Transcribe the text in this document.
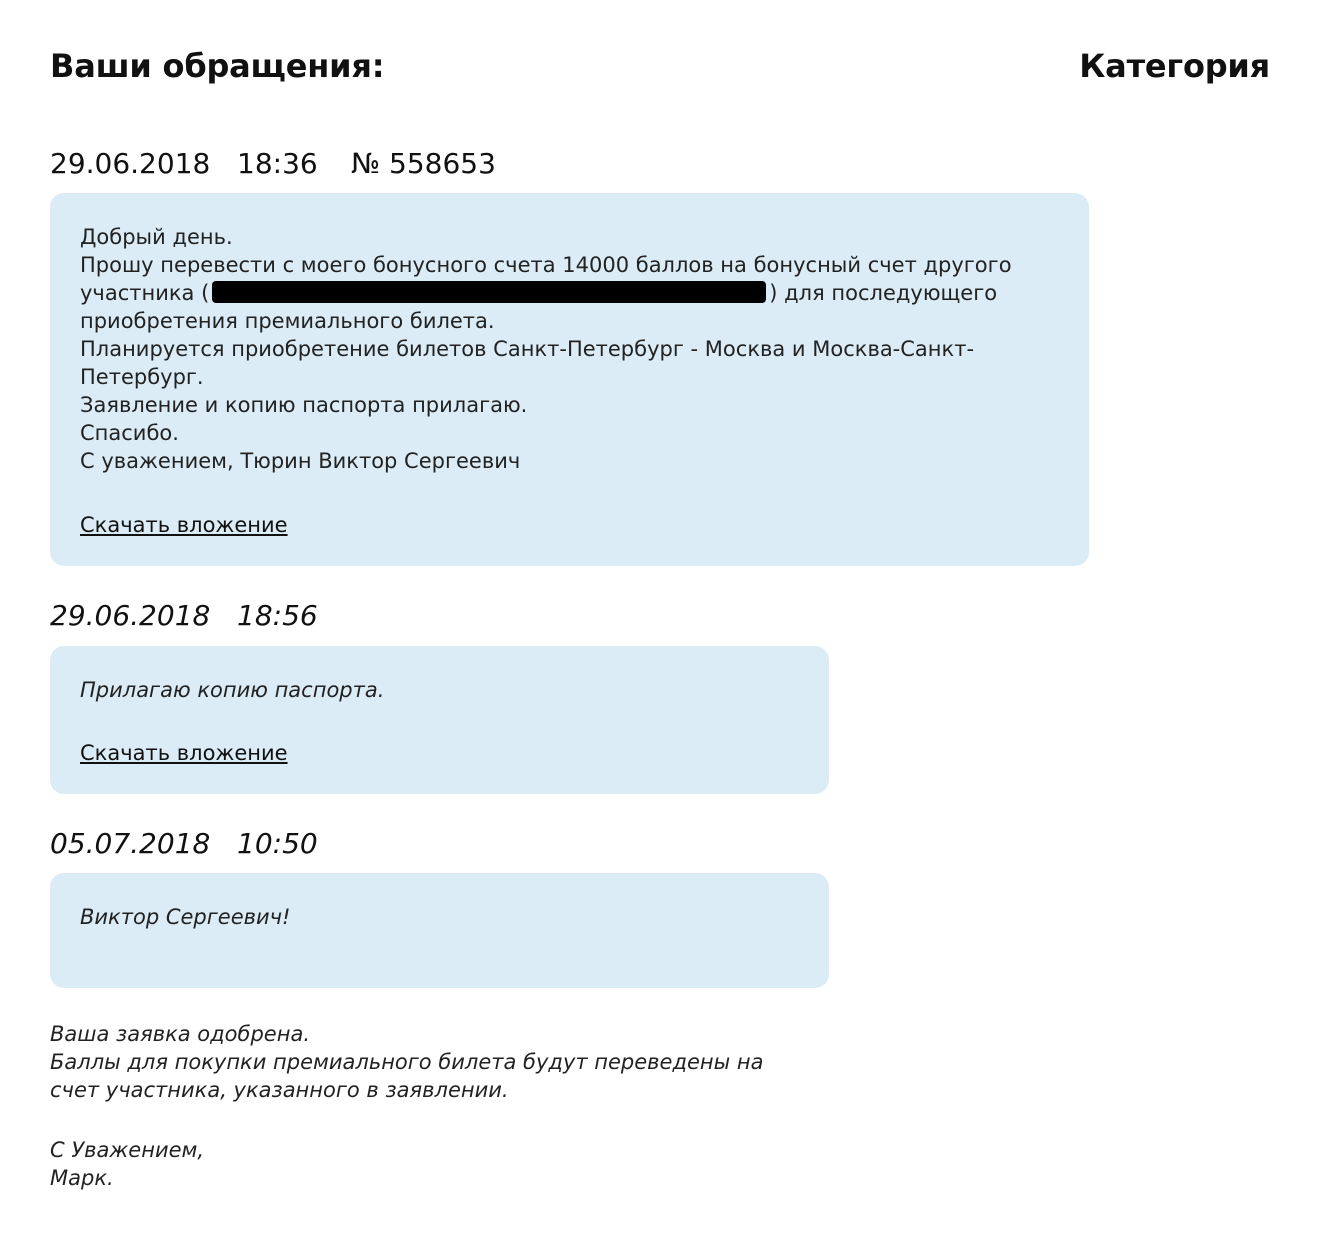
Ваши обращения:	Категория
29.06.2018 18:36 № 558653
Добрый день.
Прошу перевести с моего бонусного счета 14000 баллов на бонусный счет другого
участника (	) для последующего
приобретения премиального билета.
Планируется приобретение билетов Санкт-Петербург - Москва и Москва-Санкт-
Петербург.
Заявление и копию паспорта прилагаю.
Спасибо.
С уважением, Тюрин Виктор Сергеевич
Скачать вложение
29.06.2018 18:56
Прилагаю копию паспорта.
Скачать вложение
05.07.2018 10:50
Виктор Сергеевич!
Ваша заявка одобрена.
Баллы для покупки премиального билета будут переведены на
счет участника, указанного в заявлении.
С Уважением,
Марк.
